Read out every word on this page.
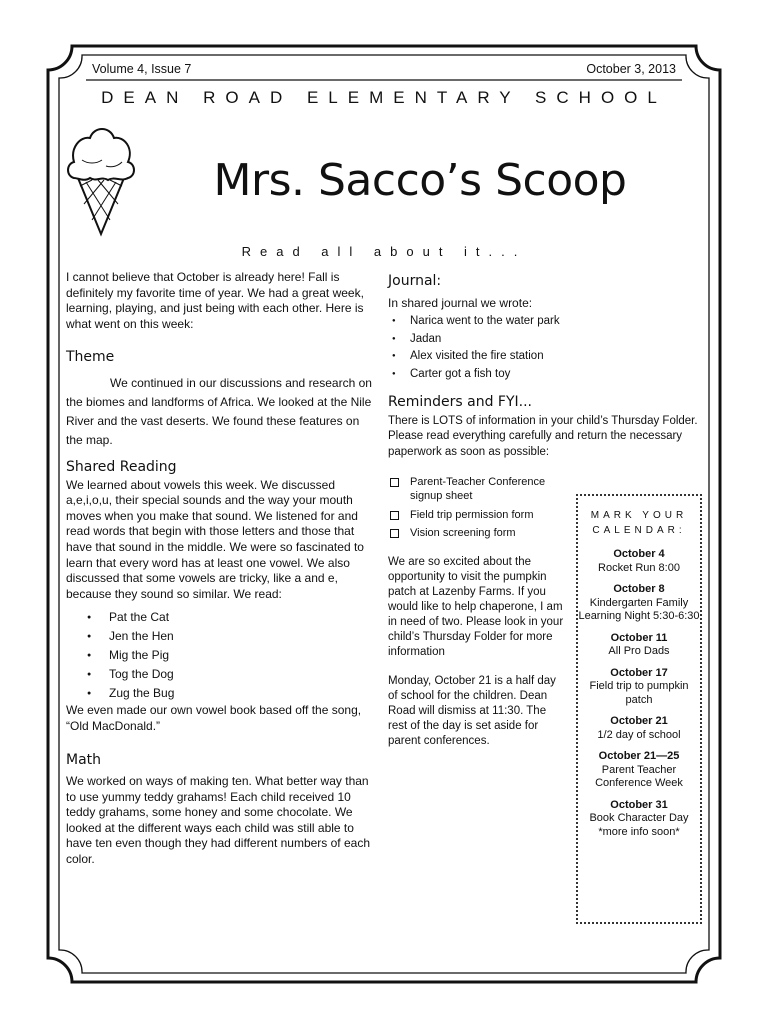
Volume 4, Issue 7	October 3, 2013
DEAN ROAD ELEMENTARY SCHOOL
Mrs. Sacco’s Scoop
Read all about it...

I cannot believe that October is already here! Fall is definitely my favorite time of year. We had a great week, learning, playing, and just being with each other. Here is what went on this week:

Theme

We continued in our discussions and research on the biomes and landforms of Africa. We looked at the Nile River and the vast deserts. We found these features on the map.

Shared Reading

We learned about vowels this week. We discussed a,e,i,o,u, their special sounds and the way your mouth moves when you make that sound. We listened for and read words that begin with those letters and those that have that sound in the middle. We were so fascinated to learn that every word has at least one vowel. We also discussed that some vowels are tricky, like a and e, because they sound so similar. We read:

● Pat the Cat
● Jen the Hen
● Mig the Pig
● Tog the Dog
● Zug the Bug

We even made our own vowel book based off the song, “Old MacDonald.”

Math

We worked on ways of making ten. What better way than to use yummy teddy grahams! Each child received 10 teddy grahams, some honey and some chocolate. We looked at the different ways each child was still able to have ten even though they had different numbers of each color.

Journal:

In shared journal we wrote:

● Narica went to the water park
● Jadan
● Alex visited the fire station
● Carter got a fish toy
Reminders and FYI...

There is LOTS of information in your child’s Thursday Folder. Please read everything carefully and return the necessary paperwork as soon as possible:

Parent-Teacher Conference signup sheet
Field trip permission form
Vision screening form

We are so excited about the opportunity to visit the pumpkin patch at Lazenby Farms. If you would like to help chaperone, I am in need of two. Please look in your child’s Thursday Folder for more information

Monday, October 21 is a half day of school for the children. Dean Road will dismiss at 11:30. The rest of the day is set aside for parent conferences.

MARK YOUR CALENDAR:
October 4
Rocket Run 8:00
October 8
Kindergarten Family Learning Night 5:30-6:30
October 11
All Pro Dads
October 17
Field trip to pumpkin patch
October 21
1/2 day of school
October 21—25
Parent Teacher Conference Week
October 31
Book Character Day *more info soon*
